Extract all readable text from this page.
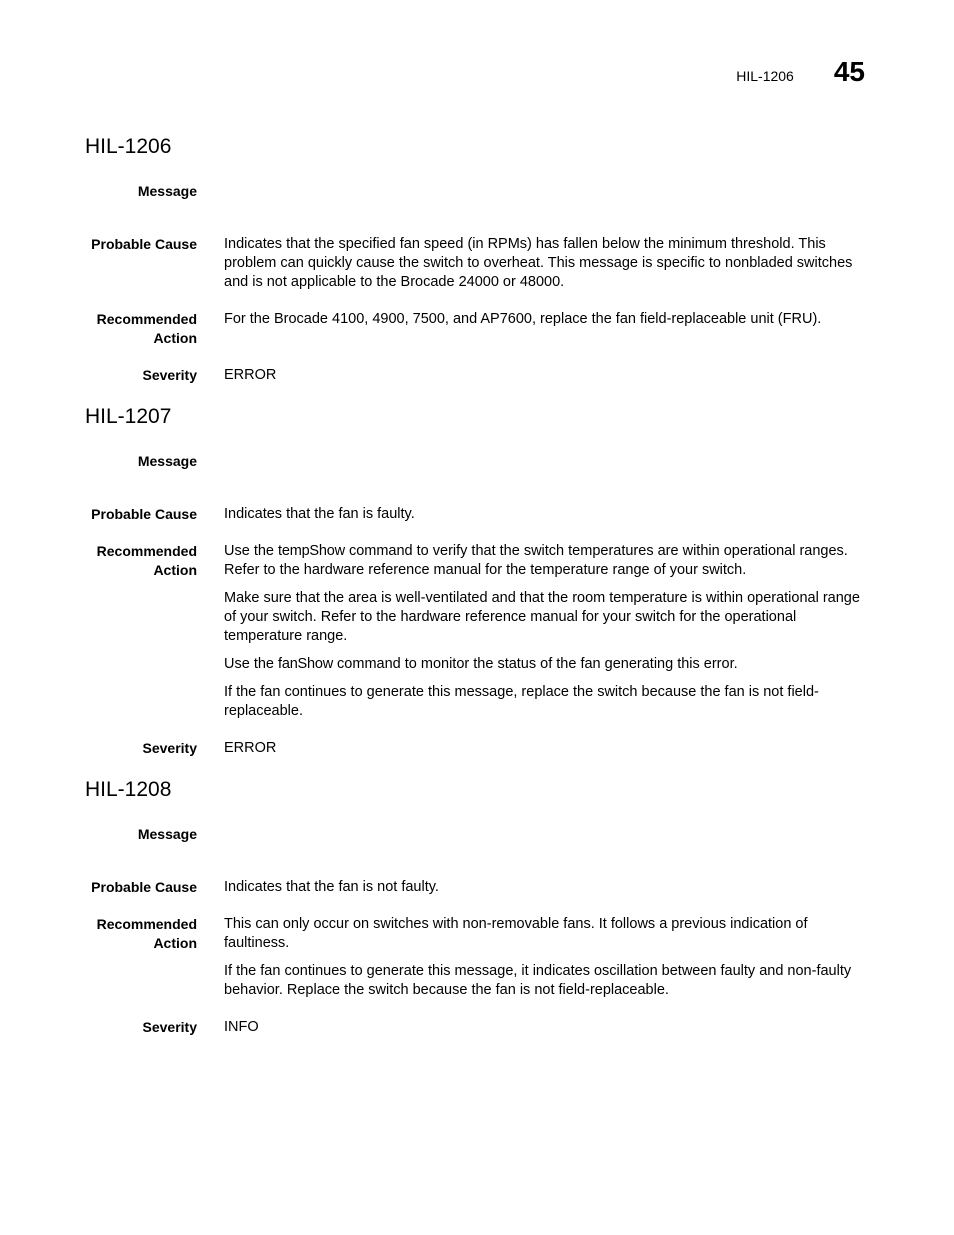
HIL-1206 45
HIL-1206
Message
Probable Cause Indicates that the specified fan speed (in RPMs) has fallen below the minimum threshold. This problem can quickly cause the switch to overheat. This message is specific to nonbladed switches and is not applicable to the Brocade 24000 or 48000.

Recommended
Action

For the Brocade 4100, 4900, 7500, and AP7600, replace the fan field-replaceable unit (FRU).

Severity ERROR
HIL-1207
Message
Probable Cause Indicates that the fan is faulty.

Recommended
Action

Use the tempShow command to verify that the switch temperatures are within operational ranges. Refer to the hardware reference manual for the temperature range of your switch.

Make sure that the area is well-ventilated and that the room temperature is within operational range of your switch. Refer to the hardware reference manual for your switch for the operational temperature range.

Use the fanShow command to monitor the status of the fan generating this error.

If the fan continues to generate this message, replace the switch because the fan is not field-replaceable.

Severity ERROR
HIL-1208
Message
Probable Cause Indicates that the fan is not faulty.

Recommended
Action

This can only occur on switches with non-removable fans. It follows a previous indication of faultiness.

If the fan continues to generate this message, it indicates oscillation between faulty and non-faulty behavior. Replace the switch because the fan is not field-replaceable.

Severity INFO
